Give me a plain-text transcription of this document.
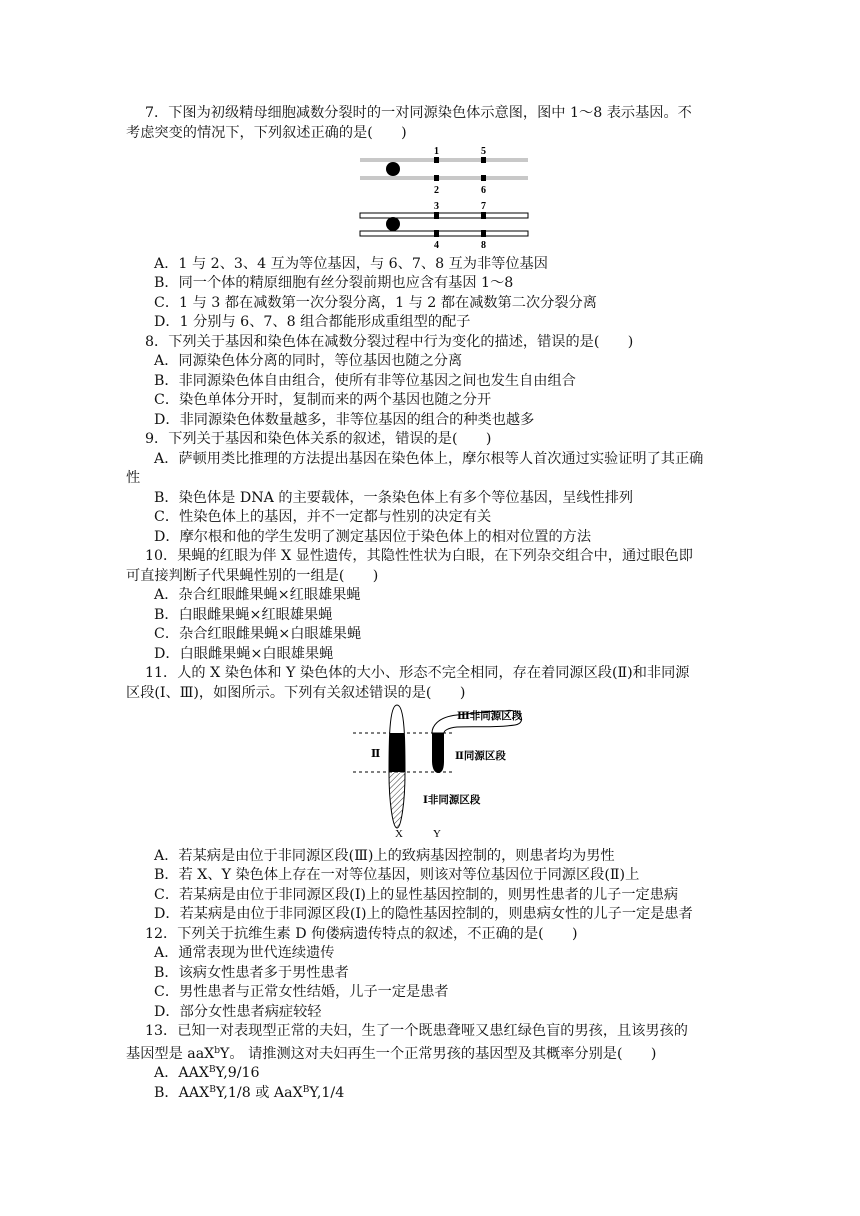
7．下图为初级精母细胞减数分裂时的一对同源染色体示意图，图中 1～8 表示基因。不
考虑突变的情况下，下列叙述正确的是(　　)
1	5
2	6
3	7
4	8
A．1 与 2、3、4 互为等位基因，与 6、7、8 互为非等位基因
B．同一个体的精原细胞有丝分裂前期也应含有基因 1～8
C．1 与 3 都在减数第一次分裂分离，1 与 2 都在减数第二次分裂分离
D．1 分别与 6、7、8 组合都能形成重组型的配子
8．下列关于基因和染色体在减数分裂过程中行为变化的描述，错误的是(　　)
A．同源染色体分离的同时，等位基因也随之分离
B．非同源染色体自由组合，使所有非等位基因之间也发生自由组合
C．染色单体分开时，复制而来的两个基因也随之分开
D．非同源染色体数量越多，非等位基因的组合的种类也越多
9．下列关于基因和染色体关系的叙述，错误的是(　　)
A．萨顿用类比推理的方法提出基因在染色体上，摩尔根等人首次通过实验证明了其正确
性
B．染色体是 DNA 的主要载体，一条染色体上有多个等位基因，呈线性排列
C．性染色体上的基因，并不一定都与性别的决定有关
D．摩尔根和他的学生发明了测定基因位于染色体上的相对位置的方法
10．果蝇的红眼为伴 X 显性遗传，其隐性性状为白眼，在下列杂交组合中，通过眼色即
可直接判断子代果蝇性别的一组是(　　)
A．杂合红眼雌果蝇×红眼雄果蝇
B．白眼雌果蝇×红眼雄果蝇
C．杂合红眼雌果蝇×白眼雄果蝇
D．白眼雌果蝇×白眼雄果蝇
11．人的 X 染色体和 Y 染色体的大小、形态不完全相同，存在着同源区段(Ⅱ)和非同源
区段(Ⅰ、Ⅲ)，如图所示。下列有关叙述错误的是(　　)
Ⅲ非同源区段
Ⅱ同源区段
Ⅱ
Ⅰ非同源区段
X	Y
A．若某病是由位于非同源区段(Ⅲ)上的致病基因控制的，则患者均为男性
B．若 X、Y 染色体上存在一对等位基因，则该对等位基因位于同源区段(Ⅱ)上
C．若某病是由位于非同源区段(Ⅰ)上的显性基因控制的，则男性患者的儿子一定患病
D．若某病是由位于非同源区段(Ⅰ)上的隐性基因控制的，则患病女性的儿子一定是患者
12．下列关于抗维生素 D 佝偻病遗传特点的叙述，不正确的是(　　)
A．通常表现为世代连续遗传
B．该病女性患者多于男性患者
C．男性患者与正常女性结婚，儿子一定是患者
D．部分女性患者病症较轻
13．已知一对表现型正常的夫妇，生了一个既患聋哑又患红绿色盲的男孩，且该男孩的
基因型是 aaX$^b$Y。 请推测这对夫妇再生一个正常男孩的基因型及其概率分别是(　　)
A．$AAX^BY,9/16$
B．$AAX^BY,1/8$ 或 AaX$^B$Y,1/4
